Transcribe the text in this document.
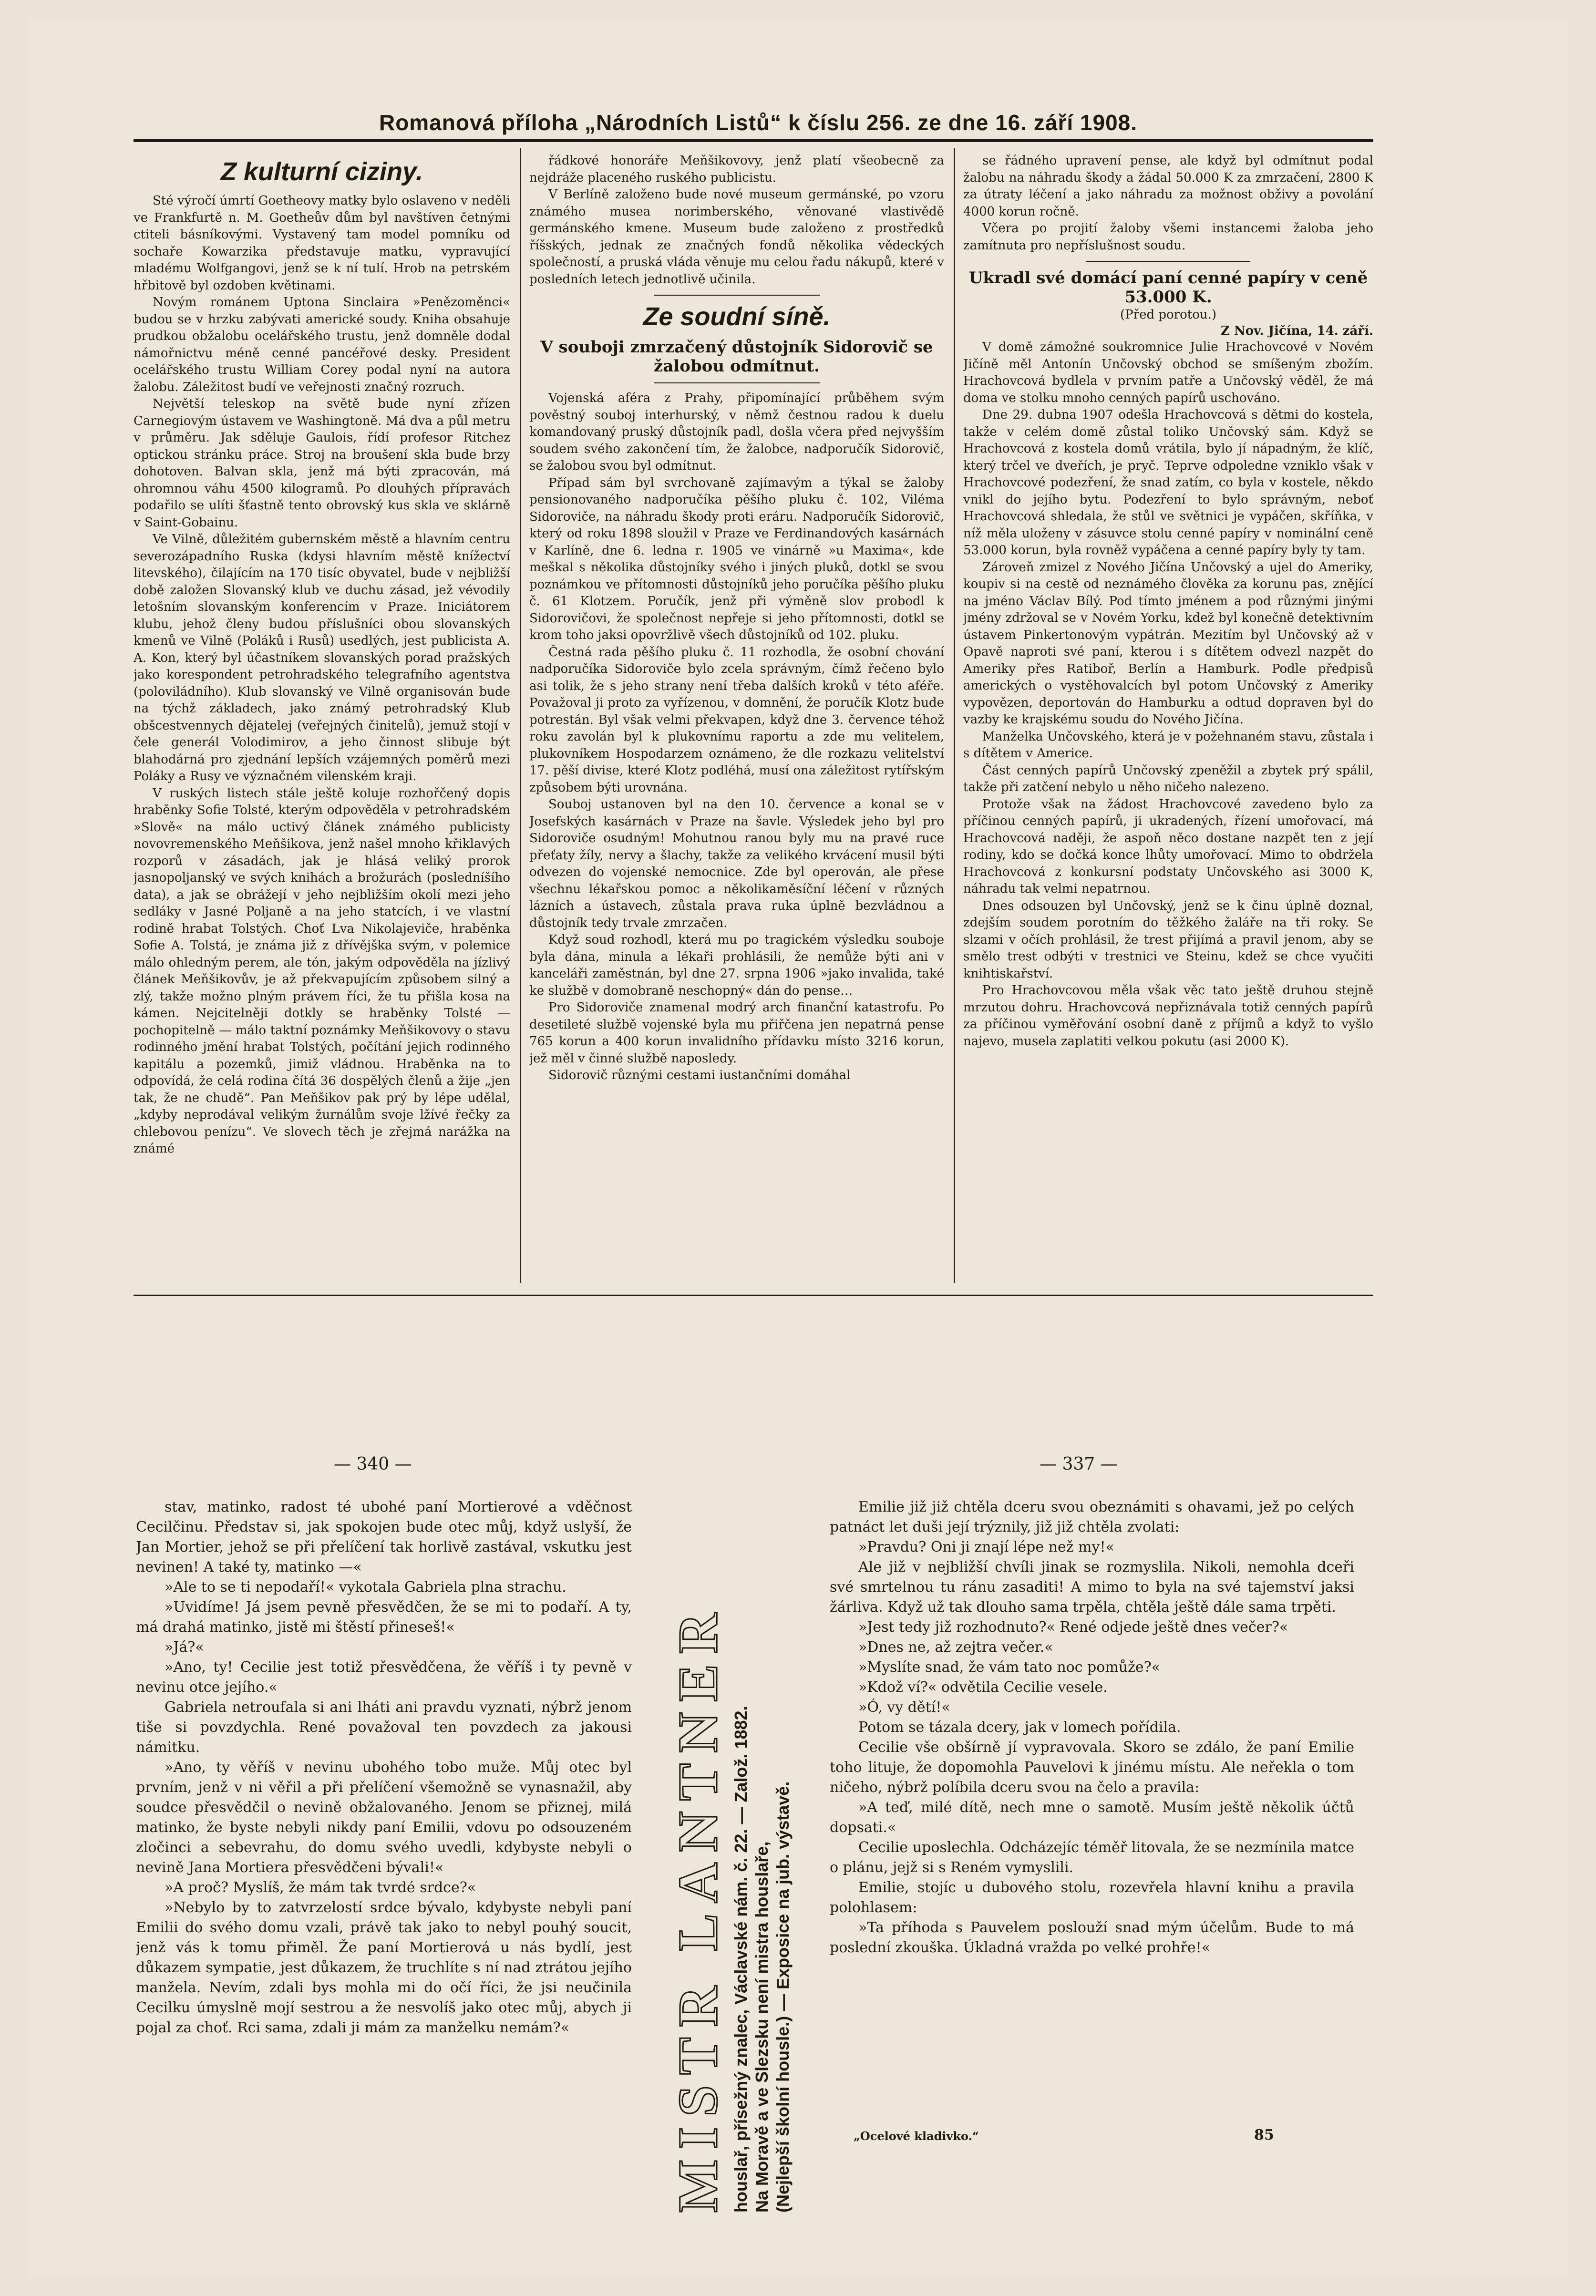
Romanová příloha „Národních Listů“ k číslu 256. ze dne 16. září 1908.
Z kulturní ciziny.

Sté výročí úmrtí Goetheovy matky bylo oslaveno v neděli ve Frankfurtě n. M. Goetheův dům byl navštíven četnými ctiteli básníkovými. Vystavený tam model pomníku od sochaře Kowarzika představuje matku, vypravující mladému Wolfgangovi, jenž se k ní tulí. Hrob na petrském hřbitově byl ozdoben květinami.

Novým románem Uptona Sinclaira »Penězoměnci« budou se v hrzku zabývati americké soudy. Kniha obsahuje prudkou obžalobu ocelářského trustu, jenž domněle dodal námořnictvu méně cenné pancéřové desky. President ocelářského trustu William Corey podal nyní na autora žalobu. Záležitost budí ve veřejnosti značný rozruch.

Největší teleskop na světě bude nyní zřízen Carnegiovým ústavem ve Washingtoně. Má dva a půl metru v průměru. Jak sděluje Gaulois, řídí profesor Ritchez optickou stránku práce. Stroj na broušení skla bude brzy dohotoven. Balvan skla, jenž má býti zpracován, má ohromnou váhu 4500 kilogramů. Po dlouhých přípravách podařilo se ulíti šťastně tento obrovský kus skla ve sklárně v Saint-Gobainu.

Ve Vilně, důležitém gubernském městě a hlavním centru severozápadního Ruska (kdysi hlavním městě knížectví litevského), čilajícím na 170 tisíc obyvatel, bude v nejbližší době založen Slovanský klub ve duchu zásad, jež vévodily letošním slovanským konferencím v Praze. Iniciátorem klubu, jehož členy budou příslušníci obou slovanských kmenů ve Vilně (Poláků i Rusů) usedlých, jest publicista A. A. Kon, který byl účastníkem slovanských porad pražských jako korespondent petrohradského telegrafního agentstva (poloviládního). Klub slovanský ve Vilně organisován bude na týchž základech, jako známý petrohradský Klub obšcestvennych dějatelej (veřejných činitelů), jemuž stojí v čele generál Volodimirov, a jeho činnost slibuje být blahodárná pro zjednání lepších vzájemných poměrů mezi Poláky a Rusy ve význačném vilenském kraji.

V ruských listech stále ještě koluje rozhořčený dopis hraběnky Sofie Tolsté, kterým odpověděla v petrohradském »Slově« na málo uctivý článek známého publicisty novovremenského Meňšikova, jenž našel mnoho křiklavých rozporů v zásadách, jak je hlásá veliký prorok jasnopoljanský ve svých knihách a brožurách (posledníšího data), a jak se obrážejí v jeho nejbližším okolí mezi jeho sedláky v Jasné Poljaně a na jeho statcích, i ve vlastní rodině hrabat Tolstých. Choť Lva Nikolajeviče, hraběnka Sofie A. Tolstá, je známa již z dřívějška svým, v polemice málo ohledným perem, ale tón, jakým odpověděla na jízlivý článek Meňšikovův, je až překvapujícím způsobem silný a zlý, takže možno plným právem říci, že tu přišla kosa na kámen. Nejcitelněji dotkly se hraběnky Tolsté — pochopitelně — málo taktní poznámky Meňšikovovy o stavu rodinného jmění hrabat Tolstých, počítání jejich rodinného kapitálu a pozemků, jimiž vládnou. Hraběnka na to odpovídá, že celá rodina čítá 36 dospělých členů a žije „jen tak, že ne chudě“. Pan Meňšikov pak prý by lépe udělal, „kdyby neprodával velikým žurnálům svoje lžívé řečky za chlebovou penízu“. Ve slovech těch je zřejmá narážka na známé

řádkové honoráře Meňšikovovy, jenž platí všeobecně za nejdráže placeného ruského publicistu.

V Berlíně založeno bude nové museum germánské, po vzoru známého musea norimberského, věnované vlastivědě germánského kmene. Museum bude založeno z prostředků říšských, jednak ze značných fondů několika vědeckých společností, a pruská vláda věnuje mu celou řadu nákupů, které v posledních letech jednotlivě učinila.

Ze soudní síně.
V souboji zmrzačený důstojník Sidorovič se žalobou odmítnut.

Vojenská aféra z Prahy, připomínající průběhem svým pověstný souboj interhurský, v němž čestnou radou k duelu komandovaný pruský důstojník padl, došla včera před nejvyšším soudem svého zakončení tím, že žalobce, nadporučík Sidorovič, se žalobou svou byl odmítnut.

Případ sám byl svrchovaně zajímavým a týkal se žaloby pensionovaného nadporučíka pěšího pluku č. 102, Viléma Sidoroviče, na náhradu škody proti eráru. Nadporučík Sidorovič, který od roku 1898 sloužil v Praze ve Ferdinandových kasárnách v Karlíně, dne 6. ledna r. 1905 ve vinárně »u Maxima«, kde meškal s několika důstojníky svého i jiných pluků, dotkl se svou poznámkou ve přítomnosti důstojníků jeho poručíka pěšího pluku č. 61 Klotzem. Poručík, jenž při výměně slov probodl k Sidorovičovi, že společnost nepřeje si jeho přítomnosti, dotkl se krom toho jaksi opovržlivě všech důstojníků od 102. pluku.

Čestná rada pěšího pluku č. 11 rozhodla, že osobní chování nadporučíka Sidoroviče bylo zcela správným, čímž řečeno bylo asi tolik, že s jeho strany není třeba dalších kroků v této aféře. Považoval ji proto za vyřízenou, v domnění, že poručík Klotz bude potrestán. Byl však velmi překvapen, když dne 3. července téhož roku zavolán byl k plukovnímu raportu a zde mu velitelem, plukovníkem Hospodarzem oznámeno, že dle rozkazu velitelství 17. pěší divise, které Klotz podléhá, musí ona záležitost rytířským způsobem býti urovnána.

Souboj ustanoven byl na den 10. července a konal se v Josefských kasárnách v Praze na šavle. Výsledek jeho byl pro Sidoroviče osudným! Mohutnou ranou byly mu na pravé ruce přeťaty žíly, nervy a šlachy, takže za velikého krvácení musil býti odvezen do vojenské nemocnice. Zde byl operován, ale přese všechnu lékařskou pomoc a několikaměsíční léčení v různých lázních a ústavech, zůstala prava ruka úplně bezvládnou a důstojník tedy trvale zmrzačen.

Když soud rozhodl, která mu po tragickém výsledku souboje byla dána, minula a lékaři prohlásili, že nemůže býti ani v kanceláři zaměstnán, byl dne 27. srpna 1906 »jako invalida, také ke službě v domobraně neschopný« dán do pense…

Pro Sidoroviče znamenal modrý arch finanční katastrofu. Po desetileté službě vojenské byla mu přiřčena jen nepatrná pense 765 korun a 400 korun invalidního přídavku místo 3216 korun, jež měl v činné službě naposledy.

Sidorovič různými cestami iustančními domáhal

se řádného upravení pense, ale když byl odmítnut podal žalobu na náhradu škody a žádal 50.000 K za zmrzačení, 2800 K za útraty léčení a jako náhradu za možnost obživy a povolání 4000 korun ročně.

Včera po projití žaloby všemi instancemi žaloba jeho zamítnuta pro nepříslušnost soudu.

Ukradl své domácí paní cenné papíry v ceně 53.000 K.
(Před porotou.)
Z Nov. Jičína, 14. září.

V domě zámožné soukromnice Julie Hrachovcové v Novém Jičíně měl Antonín Unčovský obchod se smíšeným zbožím. Hrachovcová bydlela v prvním patře a Unčovský věděl, že má doma ve stolku mnoho cenných papírů uschováno.

Dne 29. dubna 1907 odešla Hrachovcová s dětmi do kostela, takže v celém domě zůstal toliko Unčovský sám. Když se Hrachovcová z kostela domů vrátila, bylo jí nápadným, že klíč, který trčel ve dveřích, je pryč. Teprve odpoledne vzniklo však v Hrachovcové podezření, že snad zatím, co byla v kostele, někdo vnikl do jejího bytu. Podezření to bylo správným, neboť Hrachovcová shledala, že stůl ve světnici je vypáčen, skříňka, v níž měla uloženy v zásuvce stolu cenné papíry v nominální ceně 53.000 korun, byla rovněž vypáčena a cenné papíry byly ty tam.

Zároveň zmizel z Nového Jičína Unčovský a ujel do Ameriky, koupiv si na cestě od neznámého člověka za korunu pas, znějící na jméno Václav Bílý. Pod tímto jménem a pod různými jinými jmény zdržoval se v Novém Yorku, kdež byl konečně detektivním ústavem Pinkertonovým vypátrán. Mezitím byl Unčovský až v Opavě naproti své paní, kterou i s dítětem odvezl nazpět do Ameriky přes Ratiboř, Berlín a Hamburk. Podle předpisů amerických o vystěhovalcích byl potom Unčovský z Ameriky vypovězen, deportován do Hamburku a odtud dopraven byl do vazby ke krajskému soudu do Nového Jičína.

Manželka Unčovského, která je v požehnaném stavu, zůstala i s dítětem v Americe.

Část cenných papírů Unčovský zpeněžil a zbytek prý spálil, takže při zatčení nebylo u něho ničeho nalezeno.

Protože však na žádost Hrachovcové zavedeno bylo za příčinou cenných papírů, ji ukradených, řízení umořovací, má Hrachovcová naději, že aspoň něco dostane nazpět ten z její rodiny, kdo se dočká konce lhůty umořovací. Mimo to obdržela Hrachovcová z konkursní podstaty Unčovského asi 3000 K, náhradu tak velmi nepatrnou.

Dnes odsouzen byl Unčovský, jenž se k činu úplně doznal, zdejším soudem porotním do těžkého žaláře na tři roky. Se slzami v očích prohlásil, že trest přijímá a pravil jenom, aby se smělo trest odbýti v trestnici ve Steinu, kdež se chce vyučiti knihtiskařství.

Pro Hrachovcovou měla však věc tato ještě druhou stejně mrzutou dohru. Hrachovcová nepřiznávala totiž cenných papírů za příčinou vyměřování osobní daně z příjmů a když to vyšlo najevo, musela zaplatiti velkou pokutu (asi 2000 K).

— 340 —	— 337 —

stav, matinko, radost té ubohé paní Mortierové a vděčnost Cecilčinu. Představ si, jak spokojen bude otec můj, když uslyší, že Jan Mortier, jehož se při přelíčení tak horlivě zastával, vskutku jest nevinen! A také ty, matinko —«

»Ale to se ti nepodaří!« vykotala Gabriela plna strachu.

»Uvidíme! Já jsem pevně přesvědčen, že se mi to podaří. A ty, má drahá matinko, jistě mi štěstí přineseš!«

»Já?«

»Ano, ty! Cecilie jest totiž přesvědčena, že věříš i ty pevně v nevinu otce jejího.«

Gabriela netroufala si ani lháti ani pravdu vyznati, nýbrž jenom tiše si povzdychla. René považoval ten povzdech za jakousi námitku.

»Ano, ty věříš v nevinu ubohého tobo muže. Můj otec byl prvním, jenž v ni věřil a při přelíčení všemožně se vynasnažil, aby soudce přesvědčil o nevině obžalovaného. Jenom se přiznej, milá matinko, že byste nebyli nikdy paní Emilii, vdovu po odsouzeném zločinci a sebevrahu, do domu svého uvedli, kdybyste nebyli o nevině Jana Mortiera přesvědčeni bývali!«

»A proč? Myslíš, že mám tak tvrdé srdce?«

»Nebylo by to zatvrzelostí srdce bývalo, kdybyste nebyli paní Emilii do svého domu vzali, právě tak jako to nebyl pouhý soucit, jenž vás k tomu přiměl. Že paní Mortierová u nás bydlí, jest důkazem sympatie, jest důkazem, že truchlíte s ní nad ztrátou jejího manžela. Nevím, zdali bys mohla mi do očí říci, že jsi neučinila Cecilku úmyslně mojí sestrou a že nesvolíš jako otec můj, abych ji pojal za choť. Rci sama, zdali ji mám za manželku nemám?«	MISTR LANTNER houslař, přísežný znalec, Václavské nám. č. 22. — Založ. 1882. Na Moravě a ve Slezsku není mistra houslaře, (Nejlepší školní housle.) — Exposice na jub. výstavě.

Emilie již již chtěla dceru svou obeznámiti s ohavami, jež po celých patnáct let duši její trýznily, již již chtěla zvolati:

»Pravdu? Oni ji znají lépe než my!«

Ale již v nejbližší chvíli jinak se rozmyslila. Nikoli, nemohla dceři své smrtelnou tu ránu zasaditi! A mimo to byla na své tajemství jaksi žárliva. Když už tak dlouho sama trpěla, chtěla ještě dále sama trpěti.

»Jest tedy již rozhodnuto?« René odjede ještě dnes večer?«

»Dnes ne, až zejtra večer.«

»Myslíte snad, že vám tato noc pomůže?«

»Kdož ví?« odvětila Cecilie vesele.

»Ó, vy dětí!«

Potom se tázala dcery, jak v lomech pořídila.

Cecilie vše obšírně jí vypravovala. Skoro se zdálo, že paní Emilie toho lituje, že dopomohla Pauvelovi k jinému místu. Ale neřekla o tom ničeho, nýbrž políbila dceru svou na čelo a pravila:

»A teď, milé dítě, nech mne o samotě. Musím ještě několik účtů dopsati.«

Cecilie uposlechla. Odcházejíc téměř litovala, že se nezmínila matce o plánu, jejž si s Reném vymyslili.

Emilie, stojíc u dubového stolu, rozevřela hlavní knihu a pravila polohlasem:

»Ta příhoda s Pauvelem poslouží snad mým účelům. Bude to má poslední zkouška. Úkladná vražda po velké prohře!«

„Ocelové kladivko.“	85
